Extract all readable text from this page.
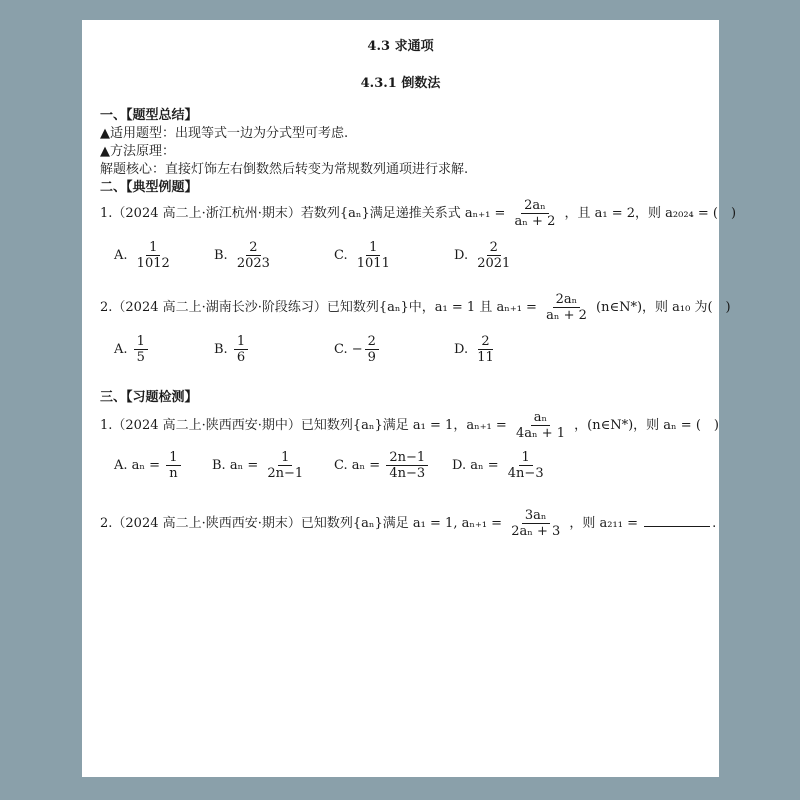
4.3 求通项
4.3.1 倒数法
一、【题型总结】
▲适用题型：出现等式一边为分式型可考虑.
▲方法原理：
解题核心：直接灯饰左右倒数然后转变为常规数列通项进行求解.
二、【典型例题】
1.（2024 高二上·浙江杭州·期末）若数列{aₙ}满足递推关系式 $a_{n+1} = \frac{\text{2aₙ}}{\text{aₙ + 2}}$ ，且 a₁ = 2，则 a₂₀₂₄ = (　)
A. $\frac{1}{1012}$	B. $\frac{2}{2023}$	C. $\frac{1}{1011}$	D. $\frac{2}{2021}$
2.（2024 高二上·湖南长沙·阶段练习）已知数列{aₙ}中，a₁ = 1 且 $a_{n+1} = \frac{\text{2aₙ}}{\text{aₙ + 2}}$ (n∈N*)，则 a₁₀ 为(　)
A. $\frac{1}{5}$	B. $\frac{1}{6}$	C. − $\frac{2}{9}$	D. $\frac{2}{11}$
三、【习题检测】
1.（2024 高二上·陕西西安·期中）已知数列{aₙ}满足 a₁ = 1，$a_{n+1} = \frac{\text{aₙ}}{\text{4aₙ + 1}}$ ，(n∈N*)，则 aₙ = (　)
A. $a_n = \frac{1}{n} B$. $a_n = \frac{1}{2n-1} C$. $a_n = \frac{2n-1}{4n-3} D$. $a_n = \frac{1}{4n-3}$
2.（2024 高二上·陕西西安·期末）已知数列{aₙ}满足 a₁ = 1, $a_{n+1} = \frac{\text{3aₙ}}{\text{2aₙ + 3}}$ ，则 a₂₁₁ =	.
